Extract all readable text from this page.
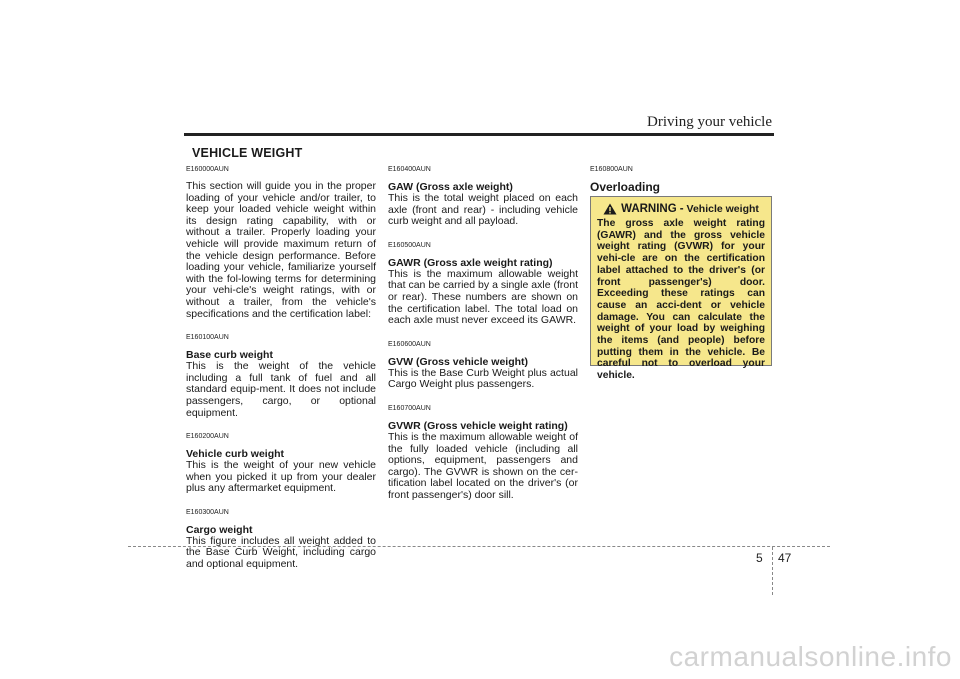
Driving your vehicle
VEHICLE WEIGHT
E160000AUN
This section will guide you in the proper loading of your vehicle and/or trailer, to keep your loaded vehicle weight within its design rating capability, with or without a trailer. Properly loading your vehicle will provide maximum return of the vehicle design performance. Before loading your vehicle, familiarize yourself with the fol-lowing terms for determining your vehi-cle's weight ratings, with or without a trailer, from the vehicle's specifications and the certification label:
E160100AUN
Base curb weight
This is the weight of the vehicle including a full tank of fuel and all standard equip-ment. It does not include passengers, cargo, or optional equipment.
E160200AUN
Vehicle curb weight
This is the weight of your new vehicle when you picked it up from your dealer plus any aftermarket equipment.
E160300AUN
Cargo weight
This figure includes all weight added to the Base Curb Weight, including cargo and optional equipment.
E160400AUN
GAW (Gross axle weight)
This is the total weight placed on each axle (front and rear) - including vehicle curb weight and all payload.
E160500AUN
GAWR (Gross axle weight rating)
This is the maximum allowable weight that can be carried by a single axle (front or rear). These numbers are shown on the certification label. The total load on each axle must never exceed its GAWR.
E160600AUN
GVW (Gross vehicle weight)
This is the Base Curb Weight plus actual Cargo Weight plus passengers.
E160700AUN
GVWR (Gross vehicle weight rating)
This is the maximum allowable weight of the fully loaded vehicle (including all options, equipment, passengers and cargo). The GVWR is shown on the cer-tification label located on the driver's (or front passenger's) door sill.
E160800AUN
Overloading
WARNING - Vehicle weight
The gross axle weight rating (GAWR) and the gross vehicle weight rating (GVWR) for your vehi-cle are on the certification label attached to the driver's (or front passenger's) door. Exceeding these ratings can cause an acci-dent or vehicle damage. You can calculate the weight of your load by weighing the items (and people) before putting them in the vehicle. Be careful not to overload your vehicle.
5 47
carmanualsonline.info
